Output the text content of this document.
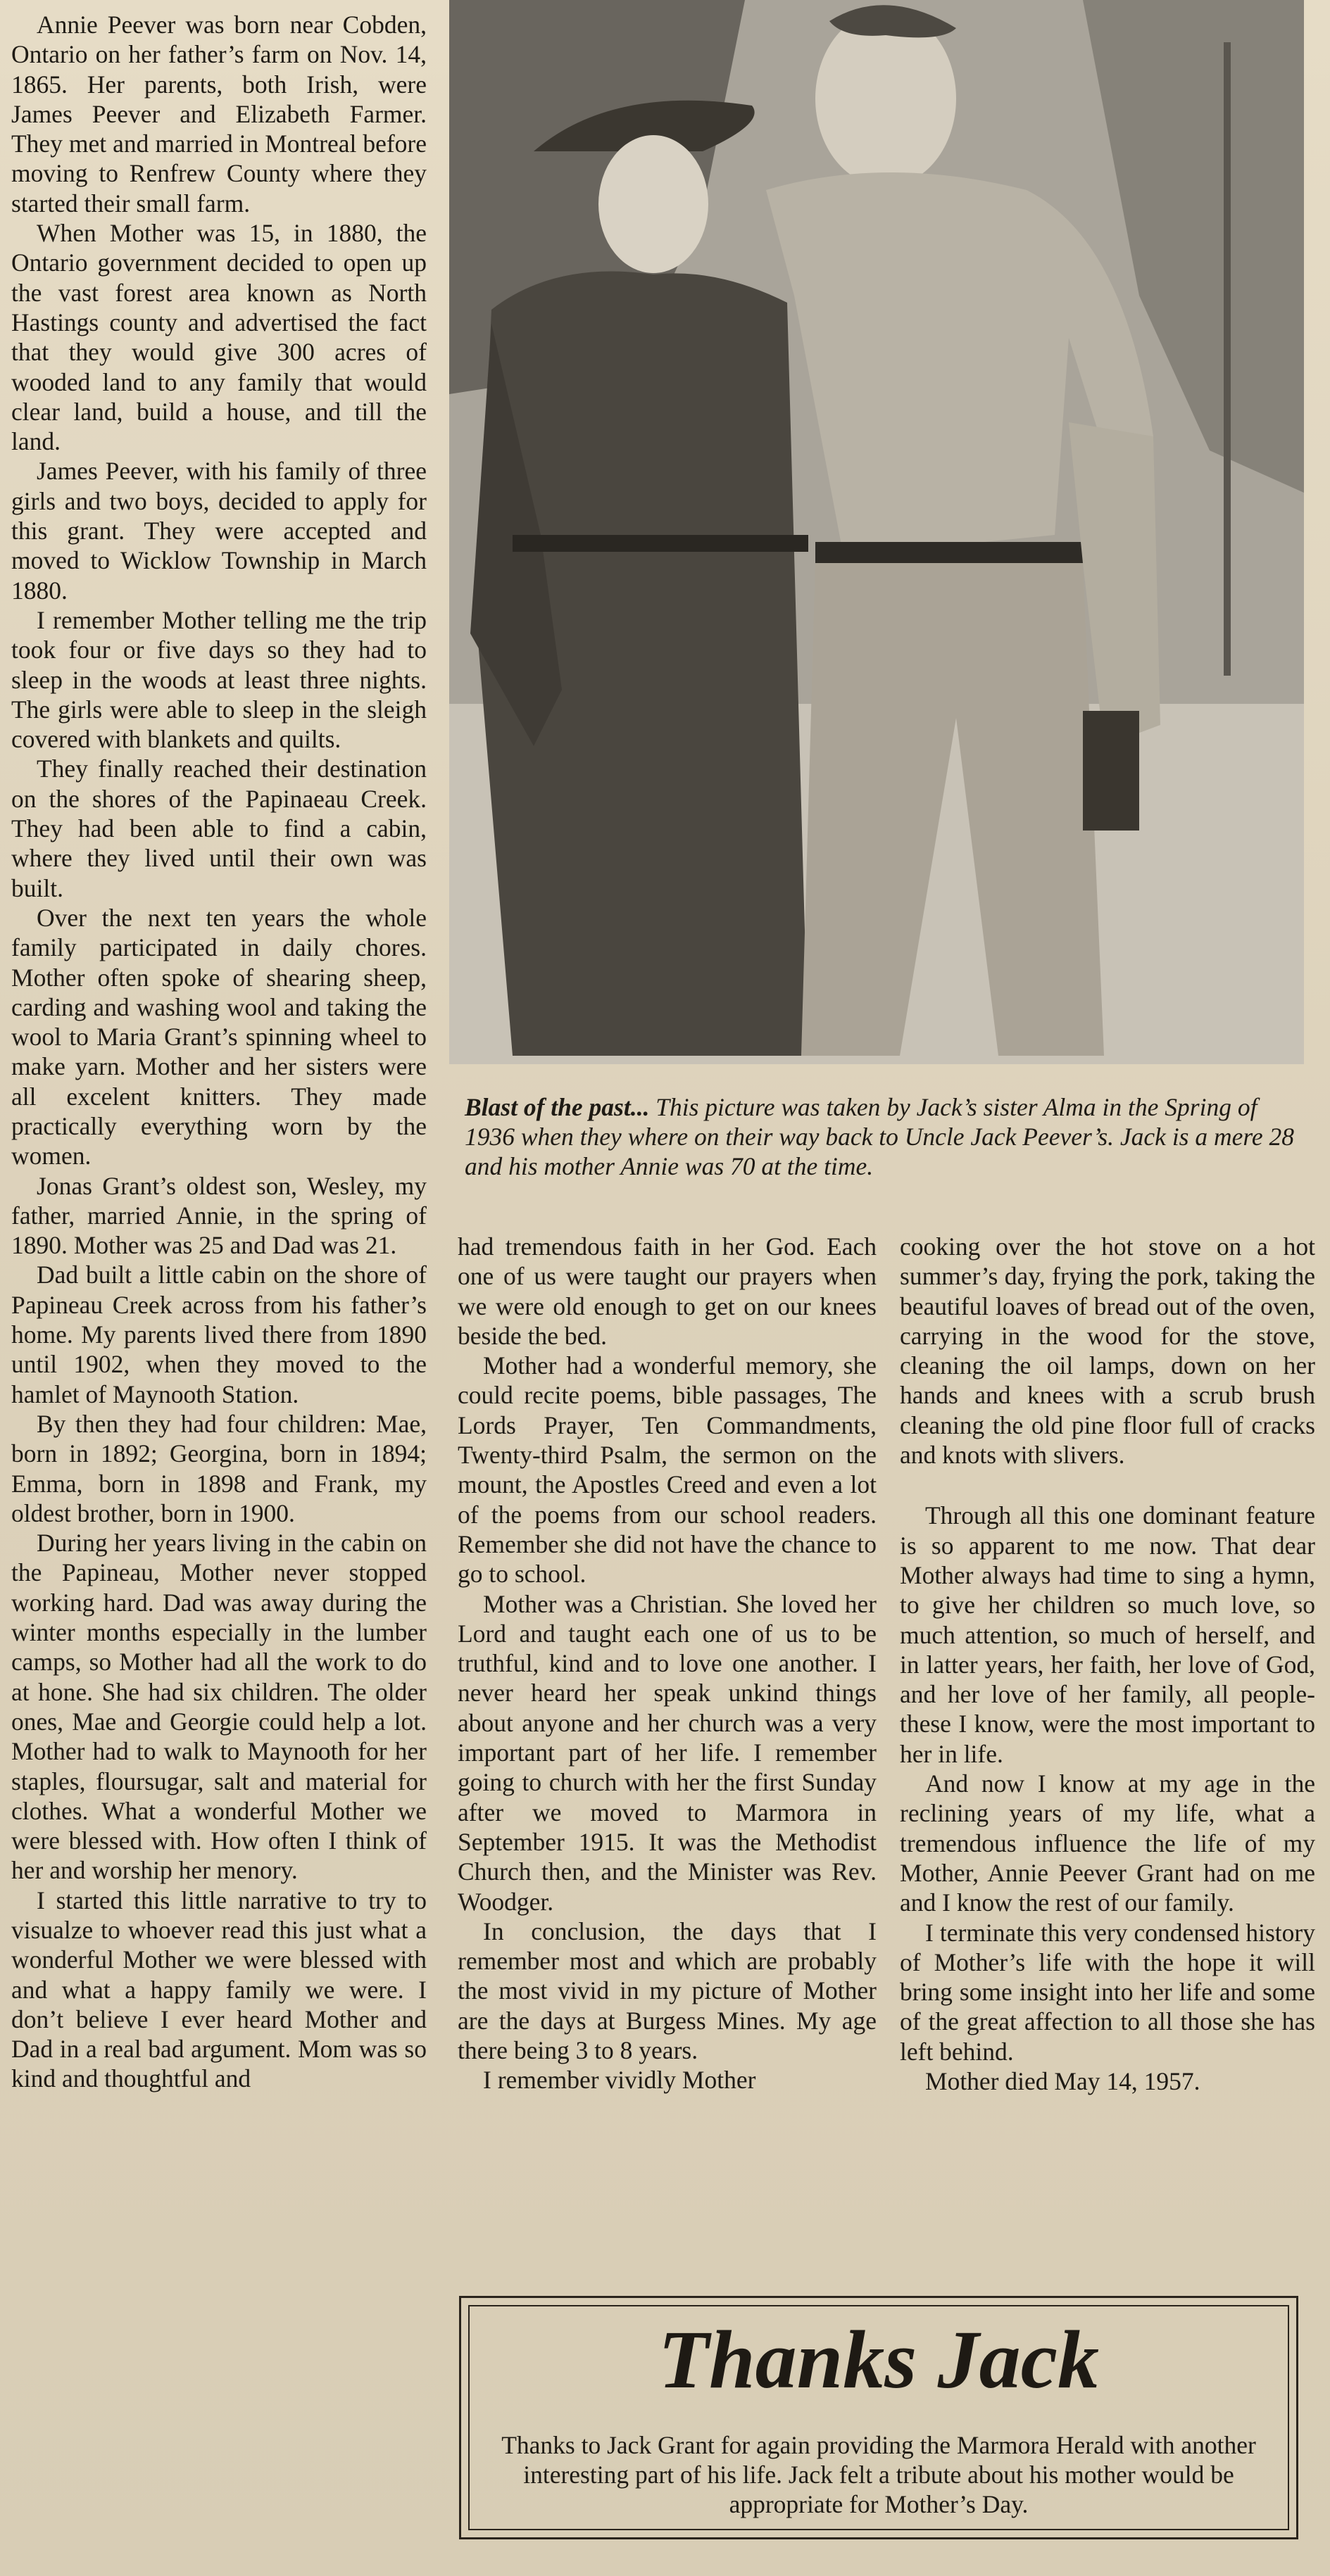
Annie Peever was born near Cobden, Ontario on her father’s farm on Nov. 14, 1865. Her parents, both Irish, were James Peever and Elizabeth Farmer. They met and married in Montreal before moving to Renfrew County where they started their small farm.

When Mother was 15, in 1880, the Ontario government decided to open up the vast forest area known as North Hastings county and advertised the fact that they would give 300 acres of wooded land to any family that would clear land, build a house, and till the land.

James Peever, with his family of three girls and two boys, decided to apply for this grant. They were accepted and moved to Wicklow Township in March 1880.

I remember Mother telling me the trip took four or five days so they had to sleep in the woods at least three nights. The girls were able to sleep in the sleigh covered with blankets and quilts.

They finally reached their destination on the shores of the Papinaeau Creek. They had been able to find a cabin, where they lived until their own was built.

Over the next ten years the whole family participated in daily chores. Mother often spoke of shearing sheep, carding and washing wool and taking the wool to Maria Grant’s spinning wheel to make yarn. Mother and her sisters were all excelent knitters. They made practically everything worn by the women.

Jonas Grant’s oldest son, Wesley, my father, married Annie, in the spring of 1890. Mother was 25 and Dad was 21.

Dad built a little cabin on the shore of Papineau Creek across from his father’s home. My parents lived there from 1890 until 1902, when they moved to the hamlet of Maynooth Station.

By then they had four children: Mae, born in 1892; Georgina, born in 1894; Emma, born in 1898 and Frank, my oldest brother, born in 1900.

During her years living in the cabin on the Papineau, Mother never stopped working hard. Dad was away during the winter months especially in the lumber camps, so Mother had all the work to do at hone. She had six children. The older ones, Mae and Georgie could help a lot. Mother had to walk to Maynooth for her staples, floursugar, salt and material for clothes. What a wonderful Mother we were blessed with. How often I think of her and worship her menory.

I started this little narrative to try to visualze to whoever read this just what a wonderful Mother we were blessed with and what a happy family we were. I don’t believe I ever heard Mother and Dad in a real bad argument. Mom was so kind and thoughtful and

Blast of the past... This picture was taken by Jack’s sister Alma in the Spring of 1936 when they where on their way back to Uncle Jack Peever’s. Jack is a mere 28 and his mother Annie was 70 at the time.

had tremendous faith in her God. Each one of us were taught our prayers when we were old enough to get on our knees beside the bed.

Mother had a wonderful memory, she could recite poems, bible passages, The Lords Prayer, Ten Commandments, Twenty-third Psalm, the sermon on the mount, the Apostles Creed and even a lot of the poems from our school readers. Remember she did not have the chance to go to school.

Mother was a Christian. She loved her Lord and taught each one of us to be truthful, kind and to love one another. I never heard her speak unkind things about anyone and her church was a very important part of her life. I remember going to church with her the first Sunday after we moved to Marmora in September 1915. It was the Methodist Church then, and the Minister was Rev. Woodger.

In conclusion, the days that I remember most and which are probably the most vivid in my picture of Mother are the days at Burgess Mines. My age there being 3 to 8 years.

I remember vividly Mother

cooking over the hot stove on a hot summer’s day, frying the pork, taking the beautiful loaves of bread out of the oven, carrying in the wood for the stove, cleaning the oil lamps, down on her hands and knees with a scrub brush cleaning the old pine floor full of cracks and knots with slivers.

Through all this one dominant feature is so apparent to me now. That dear Mother always had time to sing a hymn, to give her children so much love, so much attention, so much of herself, and in latter years, her faith, her love of God, and her love of her family, all people-these I know, were the most important to her in life.

And now I know at my age in the reclining years of my life, what a tremendous influence the life of my Mother, Annie Peever Grant had on me and I know the rest of our family.

I terminate this very condensed history of Mother’s life with the hope it will bring some insight into her life and some of the great affection to all those she has left behind.

Mother died May 14, 1957.

Thanks Jack
Thanks to Jack Grant for again providing the Marmora Herald with another interesting part of his life. Jack felt a tribute about his mother would be appropriate for Mother’s Day.
